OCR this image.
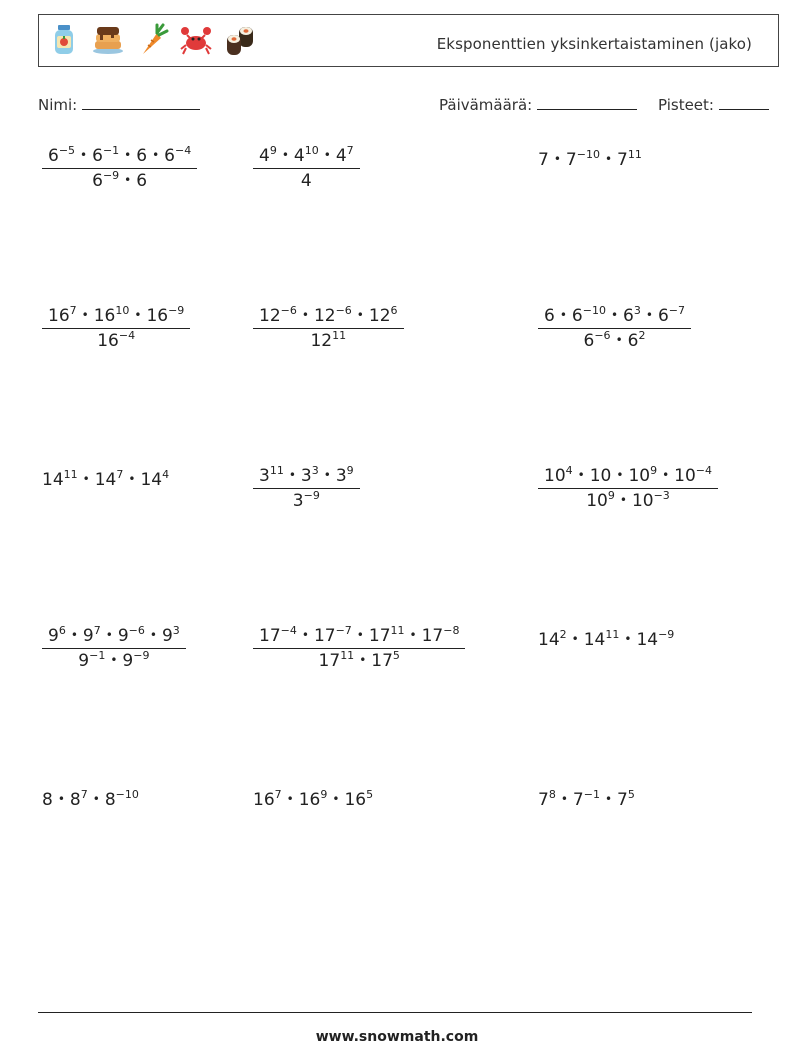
Eksponenttien yksinkertaistaminen (jako)
Nimi:	Päivämäärä:	Pisteet:
$\frac{6^{-5} • 6^{-1} • 6 • 6^{-4}}{6^{-9} • 6}$	$\frac{4^9 • 4^{10} • 4^7}{4}$	7 • $7^{-10}$ • $7^{11}$
$\frac{16^7 • 16^{10} • 16^{-9}}{16^{-4}}$	$\frac{12^{-6} • 12^{-6} • 12^6}{12^{11}}$	$\frac{6 • 6^{-10} • 6^3 • 6^{-7}}{6^{-6} • 6^2}$
$14^{11}$ • $14^7$ • $14^4$	$\frac{3^{11} • 3^3 • 3^9}{3^{-9}}$	$\frac{10^4 • 10 • 10^9 • 10^{-4}}{10^9 • 10^{-3}}$
$\frac{9^6 • 9^7 • 9^{-6} • 9^3}{9^{-1} • 9^{-9}}$	$\frac{17^{-4} • 17^{-7} • 17^{11} • 17^{-8}}{17^{11} • 17^5}$	$14^2$ • $14^{11}$ • $14^{-9}$
8 • $8^7$ • $8^{-10}$	$16^7$ • $16^9$ • $16^5$	$7^8$ • $7^{-1}$ • $7^5$
www.snowmath.com
